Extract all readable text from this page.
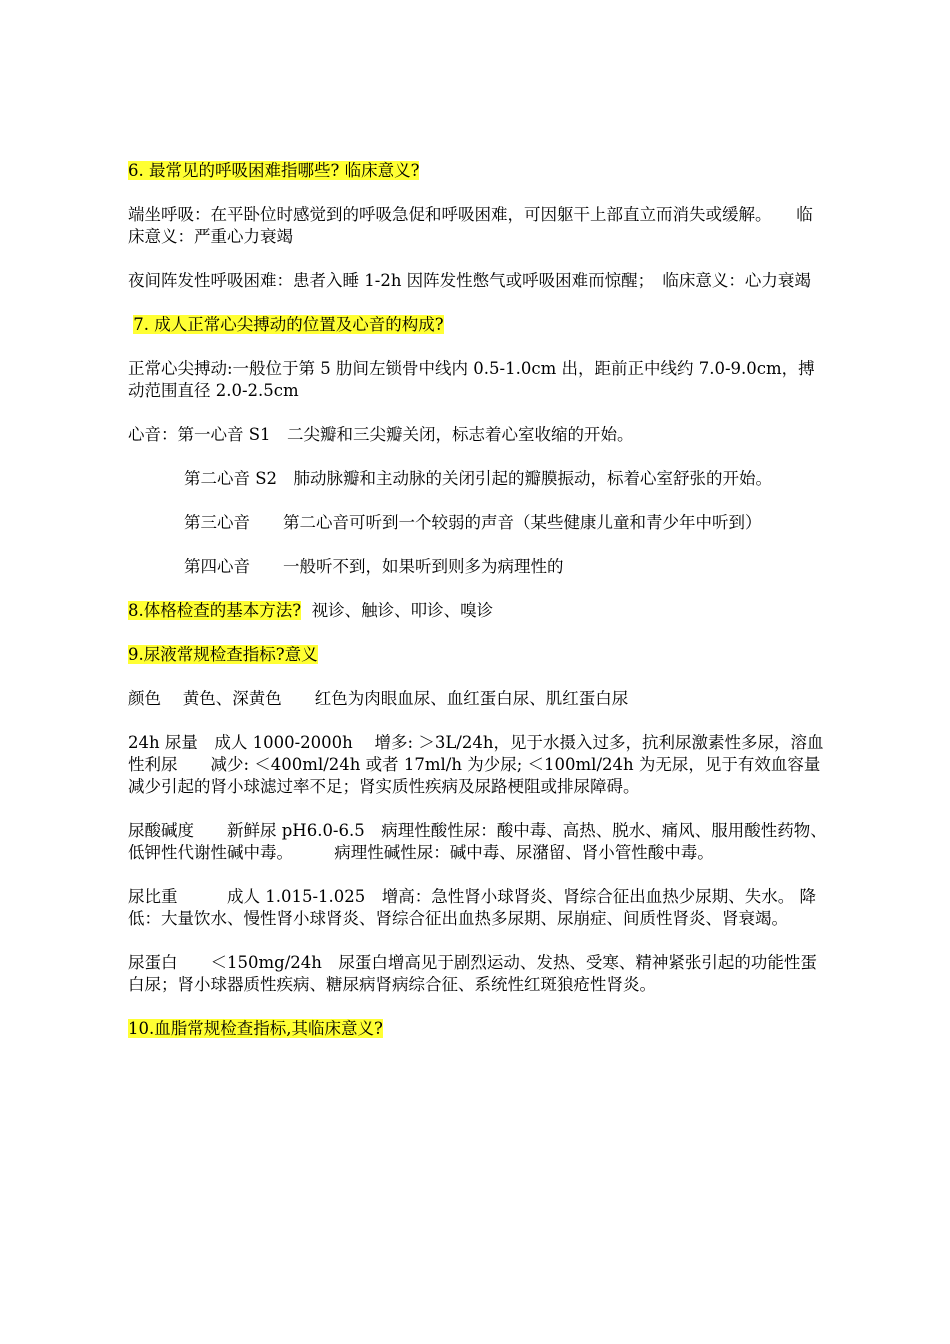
6. 最常见的呼吸困难指哪些? 临床意义?

端坐呼吸：在平卧位时感觉到的呼吸急促和呼吸困难，可因躯干上部直立而消失或缓解。　　临床意义：严重心力衰竭

夜间阵发性呼吸困难：患者入睡 1-2h 因阵发性憋气或呼吸困难而惊醒；　临床意义：心力衰竭

7. 成人正常心尖搏动的位置及心音的构成?

正常心尖搏动:一般位于第 5 肋间左锁骨中线内 0.5-1.0cm 出，距前正中线约 7.0-9.0cm，搏动范围直径 2.0-2.5cm

心音：第一心音 S1　二尖瓣和三尖瓣关闭，标志着心室收缩的开始。

第二心音 S2　肺动脉瓣和主动脉的关闭引起的瓣膜振动，标着心室舒张的开始。

第三心音　　第二心音可听到一个较弱的声音（某些健康儿童和青少年中听到）

第四心音　　一般听不到，如果听到则多为病理性的

8.体格检查的基本方法? 视诊、触诊、叩诊、嗅诊

9.尿液常规检查指标?意义

颜色　 黄色、深黄色　　红色为肉眼血尿、血红蛋白尿、肌红蛋白尿

24h 尿量　成人 1000-2000h　 增多: ＞3L/24h，见于水摄入过多，抗利尿激素性多尿，溶血性利尿　　减少: ＜400ml/24h 或者 17ml/h 为少尿; ＜100ml/24h 为无尿，见于有效血容量减少引起的肾小球滤过率不足；肾实质性疾病及尿路梗阻或排尿障碍。

尿酸碱度　　新鲜尿 pH6.0-6.5　病理性酸性尿：酸中毒、高热、脱水、痛风、服用酸性药物、低钾性代谢性碱中毒。　　　病理性碱性尿：碱中毒、尿潴留、肾小管性酸中毒。

尿比重　　　成人 1.015-1.025　增高：急性肾小球肾炎、肾综合征出血热少尿期、失水。 降低：大量饮水、慢性肾小球肾炎、肾综合征出血热多尿期、尿崩症、间质性肾炎、肾衰竭。

尿蛋白　　＜150mg/24h　尿蛋白增高见于剧烈运动、发热、受寒、精神紧张引起的功能性蛋白尿；肾小球器质性疾病、糖尿病肾病综合征、系统性红斑狼疮性肾炎。

10.血脂常规检查指标,其临床意义?
